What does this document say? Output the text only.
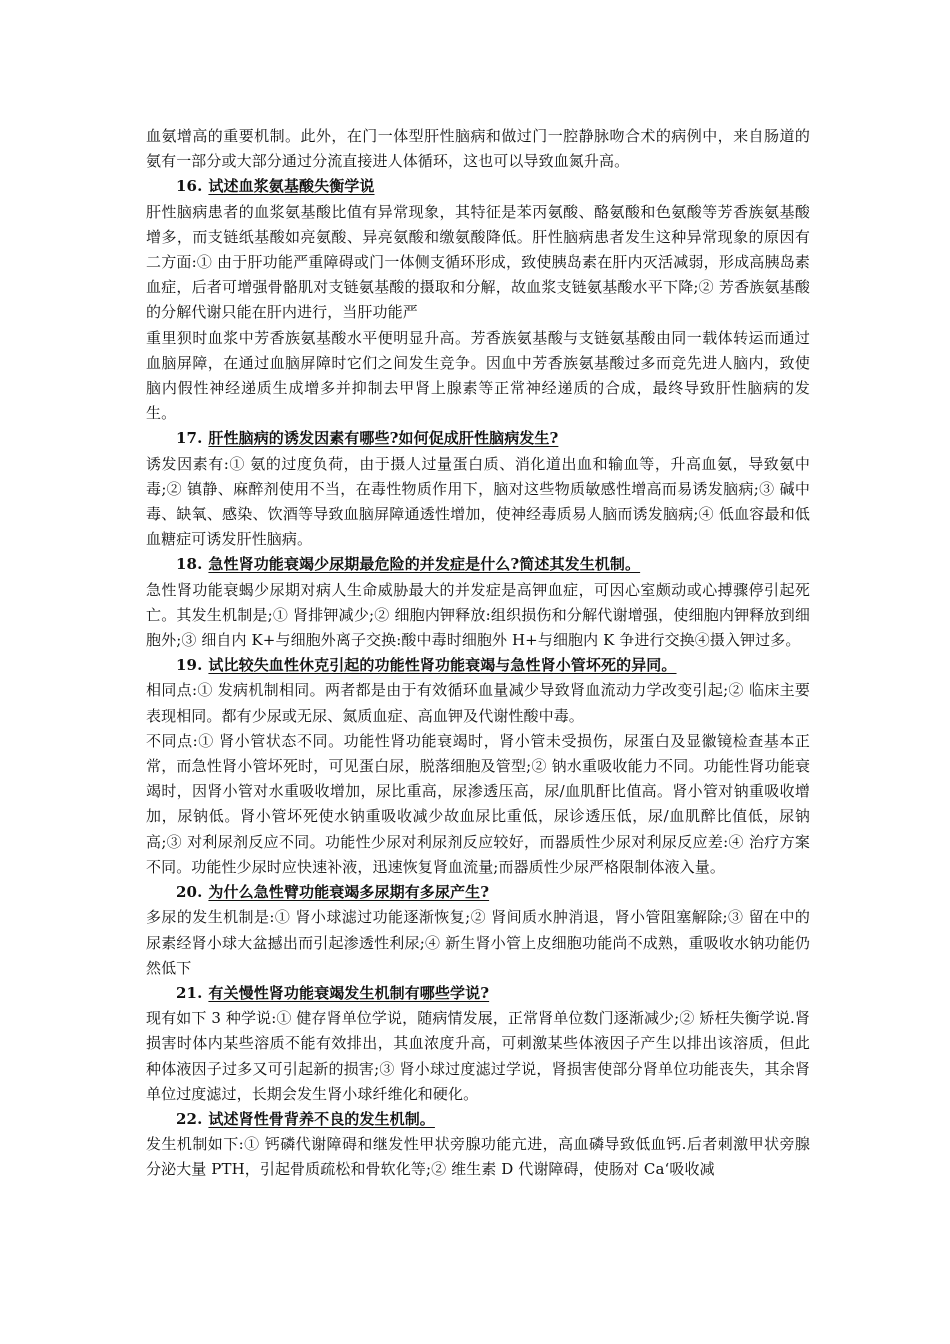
血氨增高的重要机制。此外，在门一体型肝性脑病和做过门一腔静脉吻合术的病例中，来自肠道的氨有一部分或大部分通过分流直接进人体循环，这也可以导致血氮升高。

16. 试述血浆氨基酸失衡学说

肝性脑病患者的血浆氨基酸比值有异常现象，其特征是苯丙氨酸、酪氨酸和色氨酸等芳香族氨基酸增多，而支链纸基酸如亮氨酸、异亮氨酸和缴氨酸降低。肝性脑病患者发生这种异常现象的原因有二方面:① 由于肝功能严重障碍或门一体侧支循环形成，致使胰岛素在肝内灭活减弱，形成高胰岛素血症，后者可增强骨骼肌对支链氨基酸的摄取和分解，故血浆支链氨基酸水平下降;② 芳香族氨基酸的分解代谢只能在肝内进行，当肝功能严

重里狈时血浆中芳香族氨基酸水平便明显升高。芳香族氨基酸与支链氨基酸由同一载体转运而通过血脑屏障，在通过血脑屏障时它们之间发生竞争。因血中芳香族氨基酸过多而竞先进人脑内，致使脑内假性神经递质生成增多并抑制去甲肾上腺素等正常神经递质的合成，最终导致肝性脑病的发生。

17. 肝性脑病的诱发因素有哪些?如何促成肝性脑病发生?

诱发因素有:① 氨的过度负荷，由于摄人过量蛋白质、消化道出血和输血等，升高血氨，导致氨中毒;② 镇静、麻醉剂使用不当，在毒性物质作用下，脑对这些物质敏感性增高而易诱发脑病;③ 碱中毒、缺氧、感染、饮酒等导致血脑屏障通透性增加，使神经毒质易人脑而诱发脑病;④ 低血容最和低血糖症可诱发肝性脑病。

18. 急性肾功能衰竭少尿期最危险的并发症是什么?简述其发生机制。

急性肾功能衰蝎少尿期对病人生命威胁最大的并发症是高钾血症，可因心室颇动或心搏骤停引起死亡。其发生机制是;① 肾排钾减少;② 细胞内钾释放:组织损伤和分解代谢增强，使细胞内钾释放到细胞外;③ 细自内 K+与细胞外离子交换:酸中毒时细胞外 H+与细胞内 K 争进行交换④摄入钾过多。

19. 试比较失血性休克引起的功能性肾功能衰竭与急性肾小管坏死的异同。

相同点:① 发病机制相同。两者都是由于有效循环血量减少导致肾血流动力学改变引起;② 临床主要表现相同。都有少尿或无尿、氮质血症、高血钾及代谢性酸中毒。

不同点:① 肾小管状态不同。功能性肾功能衰竭时，肾小管未受损伤，尿蛋白及显徽镜检查基本正常，而急性肾小管坏死时，可见蛋白尿，脱落细胞及管型;② 钠水重吸收能力不同。功能性肾功能衰竭时，因肾小管对水重吸收增加，尿比重高，尿渗透压高，尿/血肌酐比值高。肾小管对钠重吸收增加，尿钠低。肾小管坏死使水钠重吸收减少故血尿比重低，尿诊透压低，尿/血肌醉比值低，尿钠高;③ 对利尿剂反应不同。功能性少尿对利尿剂反应较好，而器质性少尿对利尿反应差:④ 治疗方案不同。功能性少尿时应快速补液，迅速恢复肾血流量;而器质性少尿严格限制体液入量。

20. 为什么急性臂功能衰竭多尿期有多尿产生?

多尿的发生机制是:① 肾小球滤过功能逐渐恢复;② 肾间质水肿消退，肾小管阻塞解除;③ 留在中的尿素经肾小球大盆撼出而引起渗透性利尿;④ 新生肾小管上皮细胞功能尚不成熟，重吸收水钠功能仍然低下

21. 有关慢性肾功能衰竭发生机制有哪些学说?

现有如下 3 种学说:① 健存肾单位学说，随病情发展，正常肾单位数门逐渐减少;② 矫枉失衡学说.肾损害时体内某些溶质不能有效排出，其血浓度升高，可刺激某些体液因子产生以排出该溶质，但此种体液因子过多又可引起新的损害;③ 肾小球过度滤过学说，肾损害使部分肾单位功能丧失，其余肾单位过度滤过，长期会发生肾小球纤维化和硬化。

22. 试述肾性骨背养不良的发生机制。

发生机制如下:① 钙磷代谢障碍和继发性甲状旁腺功能亢进，高血磷导致低血钙.后者刺激甲状旁腺分泌大量 PTH，引起骨质疏松和骨软化等;② 维生素 D 代谢障碍，使肠对 Ca‘吸收减
